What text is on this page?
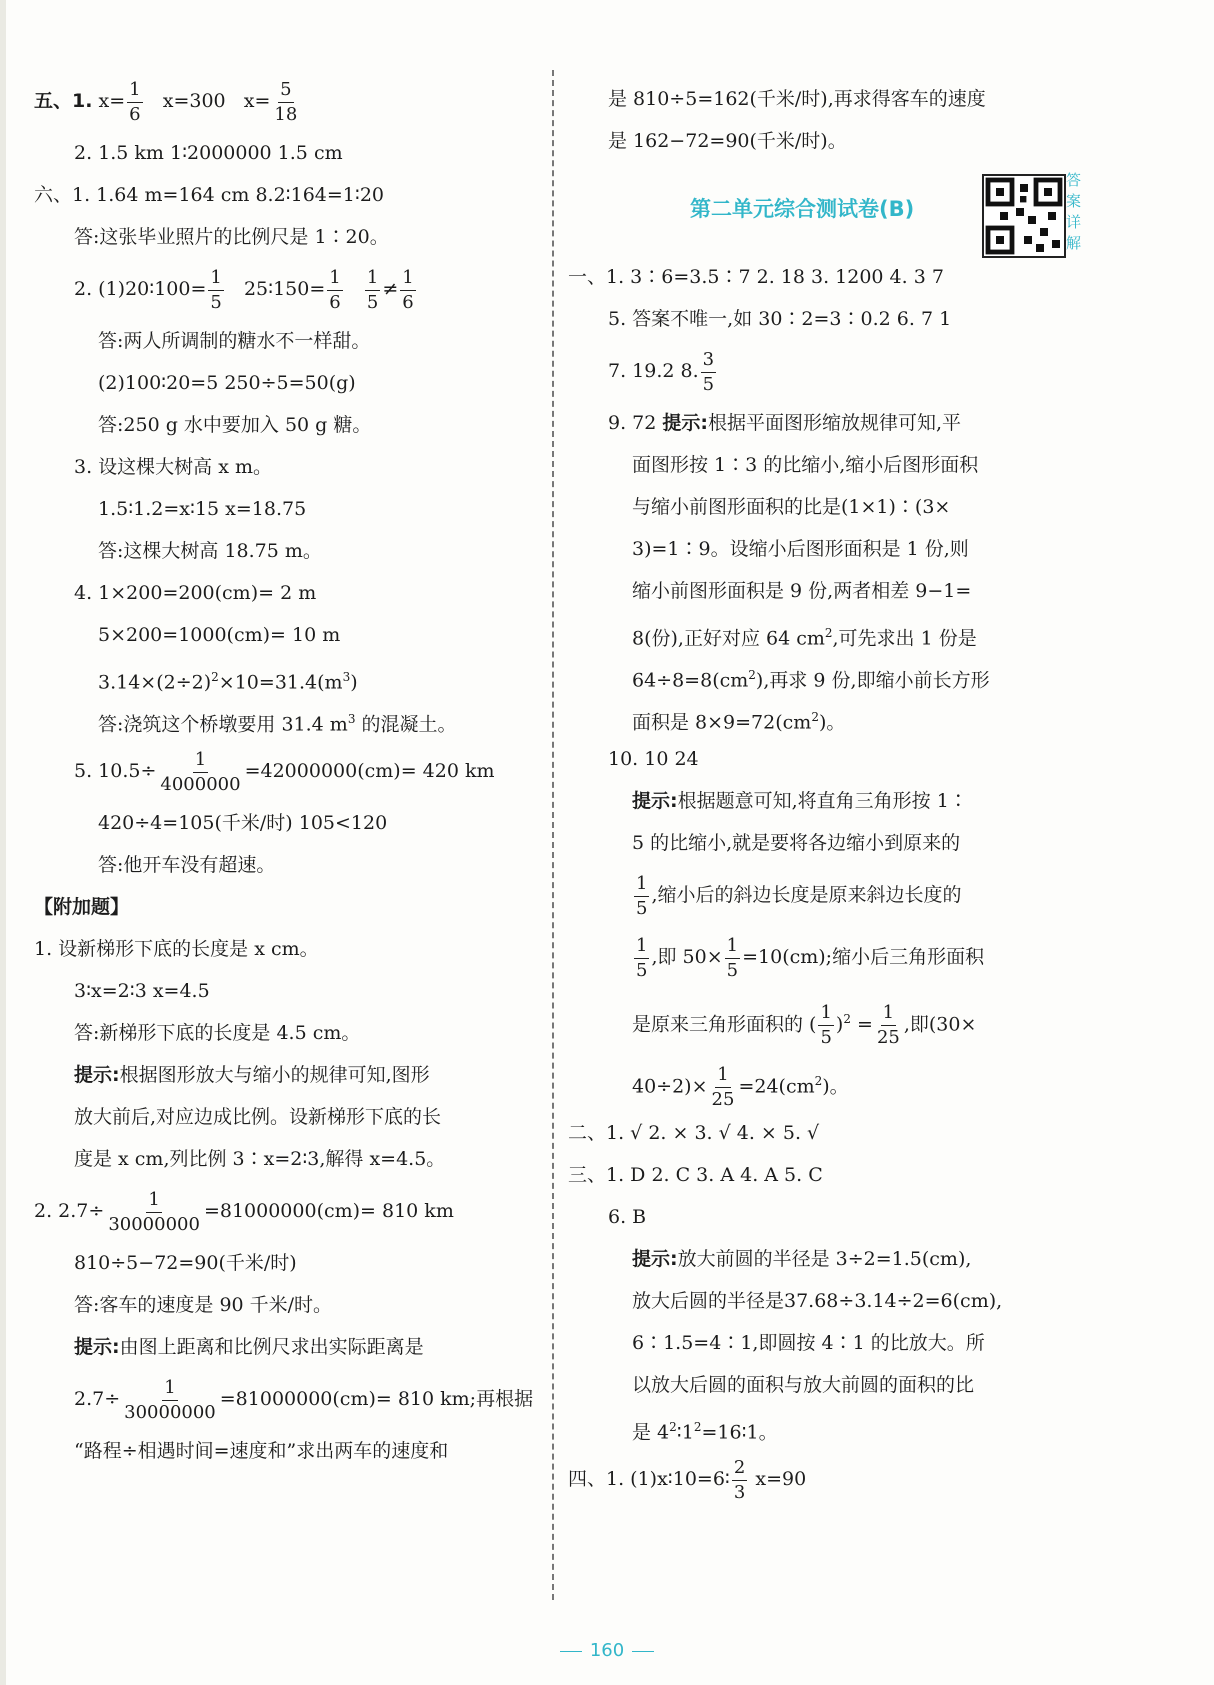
五、1. $x= \frac{1}{6} x=300$ $x= \frac{5}{18}$
2. 1.5 km 1∶2000000 1.5 cm
六、1. 1.64 m=164 cm 8.2∶164=1∶20
答:这张毕业照片的比例尺是 1∶20。
2. (1)20∶100= $\frac{1}{5}$ 25∶150= $\frac{1}{6}$
$\frac{1}{5} \ne \frac{1}{6}$
答:两人所调制的糖水不一样甜。
(2)100∶20=5 250÷5=50(g)
答:250 g 水中要加入 50 g 糖。
3. 设这棵大树高 x m。
1.5∶1.2=x∶15 x=18.75
答:这棵大树高 18.75 m。
4. 1×200=200(cm)= 2 m
5×200=1000(cm)= 10 m
$3.14\times(2\div 2)^2\times 10=31.4(m^3)$
答:浇筑这个桥墩要用 31.4 $m^3$ 的混凝土。
5. $10.5\div \frac{1}{4000000} =42000000(cm)= 420$ km
420÷4=105(千米/时) 105<120
答:他开车没有超速。
【附加题】
1. 设新梯形下底的长度是 x cm。
3∶x=2∶3 x=4.5
答:新梯形下底的长度是 4.5 cm。
提示:根据图形放大与缩小的规律可知,图形
放大前后,对应边成比例。设新梯形下底的长
度是 x cm,列比例 3∶x=2∶3,解得 x=4.5。
2. $2.7\div \frac{1}{30000000} =81000000(cm)= 810$ km
810÷5−72=90(千米/时)
答:客车的速度是 90 千米/时。
提示:由图上距离和比例尺求出实际距离是
$2.7\div \frac{1}{30000000} =81000000(cm)= 810$ km;再根据
“路程÷相遇时间=速度和”求出两车的速度和
是 810÷5=162(千米/时),再求得客车的速度
是 162−72=90(千米/时)。
第二单元综合测试卷(B)
答案详解
一、1. 3∶6=3.5∶7 2. 18 3. 1200 4. 3 7
5. 答案不唯一,如 30∶2=3∶0.2 6. 7 1
7. 19.2 8. $\frac{3}{5}$
9. 72 提示:根据平面图形缩放规律可知,平
面图形按 1∶3 的比缩小,缩小后图形面积
与缩小前图形面积的比是(1×1)∶(3×
3)=1∶9。设缩小后图形面积是 1 份,则
缩小前图形面积是 9 份,两者相差 9−1=
8(份),正好对应 64 $cm^2$,可先求出 1 份是
$64\div 8=8(cm^2)$,再求 9 份,即缩小前长方形
面积是 $8\times 9=72(cm^2)$。
10. 10 24
提示:根据题意可知,将直角三角形按 1∶
5 的比缩小,就是要将各边缩小到原来的
$\frac{1}{5}$ ,缩小后的斜边长度是原来斜边长度的
$\frac{1}{5}$ ,即 $50\times \frac{1}{5} =10(cm)$;缩小后三角形面积
是原来三角形面积的 ( $\frac{1}{5} )^2 = \frac{1}{25}$ ,即(30×
$40\div 2)\times \frac{1}{25} =24(cm^2)$。
二、1. √ 2. × 3. √ 4. × 5. √
三、1. D 2. C 3. A 4. A 5. C
6. B
提示:放大前圆的半径是 3÷2=1.5(cm),
放大后圆的半径是37.68÷3.14÷2=6(cm),
6∶1.5=4∶1,即圆按 4∶1 的比放大。所
以放大后圆的面积与放大前圆的面积的比
是 $4^2∶1^2=16∶1$。
四、1. (1)x∶10=6∶ $\frac{2}{3} x=90$
160
